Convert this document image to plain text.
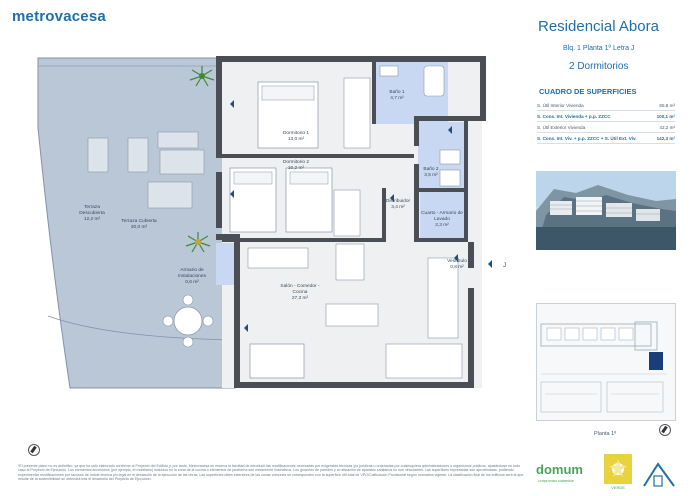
metrovacesa
Residencial Abora
Blq. 1 Planta 1º Letra J
2 Dormitorios
CUADRO DE SUPERFICIES
S. Útil Interior Vivienda	65,8 m²
S. Cons. Int. Vivienda + p.p. ZZCC	100,1 m²
S. Útil Exterior Vivienda	42,2 m²
S. Cons. Int. Viv. + p.p. ZZCC + S. Útil Ext. Viv.	142,3 m²
Planta 1º
Baño 1
4,7 m²
Dormitorio 1
13,0 m²
Dormitorio 2
10,2 m²	Baño 2
3,5 m²
Distribuidor
3,4 m²
Cuarto - Armario de Lavado
2,3 m²
Vestíbulo
0,8 m²
Salón - Comedor - Cocina
27,3 m²
Terraza Descubierta
12,2 m²	Terraza Cubierta
30,0 m²
Armario de Instalaciones
0,6 m²
J
*El presente plano no es definitivo, ya que ha sido elaborado conforme al Proyecto del Edificio y, por tanto, Metrovacesa se reserva la facultad de introducir las modificaciones necesarias por exigencias técnicas y/o jurídicas u ordenadas por cualesquiera administraciones u organismos públicos, ajustándose en todo caso al Proyecto de Ejecución. Los elementos accesorios (por ejemplo, el mobiliario) incluidos en la zona de la cocina o elementos de jardinería son meramente ilustrativos. Los grosores de paredes y la ubicación de aparatos sanitarios no son vinculantes. Las superficies expresadas son aproximadas, pudiendo experimentar modificaciones por razones de índole técnica y/o legal en el desarrollo de la ejecución de las obras. Las superficies útiles exteriores de las zonas comunes se corresponden con la superficie útil total de VPO/Calificación Provisional según normativa vigente. La clasificación final de los edificios será la que resulte de la sostenibilidad se obtendrá tras el desarrollo del Proyecto de Ejecución.
domum
compromiso sostenible
VERDE
